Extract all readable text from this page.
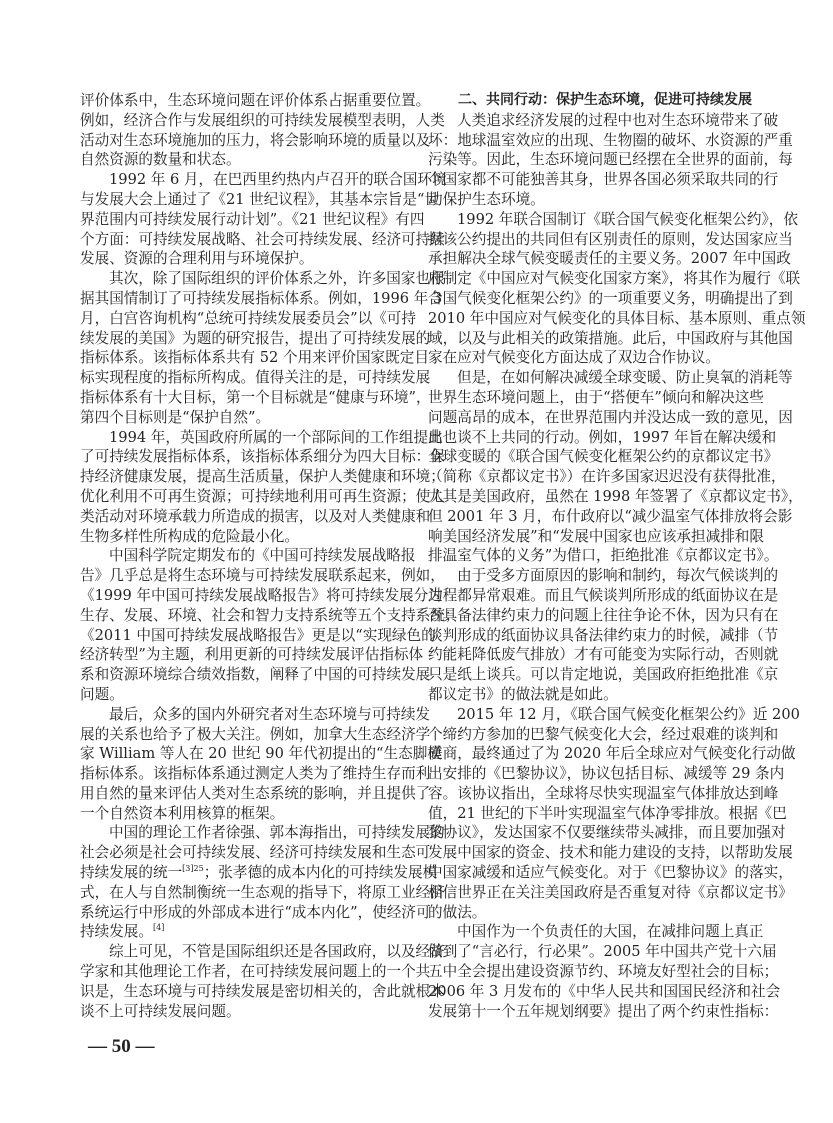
评价体系中，生态环境问题在评价体系占据重要位置。
例如，经济合作与发展组织的可持续发展模型表明，人类
活动对生态环境施加的压力，将会影响环境的质量以及
自然资源的数量和状态。
1992 年 6 月，在巴西里约热内卢召开的联合国环境
与发展大会上通过了《21 世纪议程》，其基本宗旨是“世
界范围内可持续发展行动计划”。《21 世纪议程》有四
个方面：可持续发展战略、社会可持续发展、经济可持续
发展、资源的合理利用与环境保护。
其次，除了国际组织的评价体系之外，许多国家也根
据其国情制订了可持续发展指标体系。例如，1996 年 3
月，白宫咨询机构“总统可持续发展委员会”以《可持
续发展的美国》为题的研究报告，提出了可持续发展的
指标体系。该指标体系共有 52 个用来评价国家既定目
标实现程度的指标所构成。值得关注的是，可持续发展
指标体系有十大目标，第一个目标就是“健康与环境”，
第四个目标则是“保护自然”。
1994 年，英国政府所属的一个部际间的工作组提出
了可持续发展指标体系，该指标体系细分为四大目标：保
持经济健康发展，提高生活质量，保护人类健康和环境；
优化利用不可再生资源；可持续地利用可再生资源；使人
类活动对环境承载力所造成的损害，以及对人类健康和
生物多样性所构成的危险最小化。
中国科学院定期发布的《中国可持续发展战略报
告》几乎总是将生态环境与可持续发展联系起来，例如，
《1999 年中国可持续发展战略报告》将可持续发展分为
生存、发展、环境、社会和智力支持系统等五个支持系统；
《2011 中国可持续发展战略报告》更是以“实现绿色的
经济转型”为主题，利用更新的可持续发展评估指标体
系和资源环境综合绩效指数，阐释了中国的可持续发展
问题。
最后，众多的国内外研究者对生态环境与可持续发
展的关系也给予了极大关注。例如，加拿大生态经济学
家 William 等人在 20 世纪 90 年代初提出的“生态脚模
指标体系。该指标体系通过测定人类为了维持生存而利
用自然的量来评估人类对生态系统的影响，并且提供了
一个自然资本利用核算的框架。
中国的理论工作者徐强、郭本海指出，可持续发展的
社会必须是社会可持续发展、经济可持续发展和生态可
持续发展的统一$^{[3]25}$；张孝德的成本内化的可持续发展模
式，在人与自然制衡统一生态观的指导下，将原工业经济
系统运行中形成的外部成本进行“成本内化”，使经济可
持续发展。[4]
综上可见，不管是国际组织还是各国政府，以及经济
学家和其他理论工作者，在可持续发展问题上的一个共
识是，生态环境与可持续发展是密切相关的，舍此就根本
谈不上可持续发展问题。
二、共同行动：保护生态环境，促进可持续发展
人类追求经济发展的过程中也对生态环境带来了破
坏：地球温室效应的出现、生物圈的破坏、水资源的严重
污染等。因此，生态环境问题已经摆在全世界的面前，每
个国家都不可能独善其身，世界各国必须采取共同的行
动保护生态环境。
1992 年联合国制订《联合国气候变化框架公约》，依
据该公约提出的共同但有区别责任的原则，发达国家应当
承担解决全球气候变暖责任的主要义务。2007 年中国政
府制定《中国应对气候变化国家方案》，将其作为履行《联
合国气候变化框架公约》的一项重要义务，明确提出了到
2010 年中国应对气候变化的具体目标、基本原则、重点领
域，以及与此相关的政策措施。此后，中国政府与其他国
家在应对气候变化方面达成了双边合作协议。
但是，在如何解决减缓全球变暖、防止臭氧的消耗等
世界生态环境问题上，由于“搭便车”倾向和解决这些
问题高昂的成本，在世界范围内并没达成一致的意见，因
此也谈不上共同的行动。例如，1997 年旨在解决缓和
全球变暖的《联合国气候变化框架公约的京都议定书》
（简称《京都议定书》）在许多国家迟迟没有获得批准，
尤其是美国政府，虽然在 1998 年签署了《京都议定书》，
但 2001 年 3 月，布什政府以“减少温室气体排放将会影
响美国经济发展”和“发展中国家也应该承担减排和限
排温室气体的义务”为借口，拒绝批准《京都议定书》。
由于受多方面原因的影响和制约，每次气候谈判的
过程都异常艰难。而且气候谈判所形成的纸面协议在是
否具备法律约束力的问题上往往争论不休，因为只有在
谈判形成的纸面协议具备法律约束力的时候，减排（节
约能耗降低废气排放）才有可能变为实际行动，否则就
只是纸上谈兵。可以肯定地说，美国政府拒绝批准《京
都议定书》的做法就是如此。
2015 年 12 月，《联合国气候变化框架公约》近 200
个缔约方参加的巴黎气候变化大会，经过艰难的谈判和
磋商，最终通过了为 2020 年后全球应对气候变化行动做
出安排的《巴黎协议》，协议包括目标、减缓等 29 条内
容。该协议指出，全球将尽快实现温室气体排放达到峰
值，21 世纪的下半叶实现温室气体净零排放。根据《巴
黎协议》，发达国家不仅要继续带头减排，而且要加强对
发展中国家的资金、技术和能力建设的支持，以帮助发展
中国家减缓和适应气候变化。对于《巴黎协议》的落实，
相信世界正在关注美国政府是否重复对待《京都议定书》
的做法。
中国作为一个负责任的大国，在减排问题上真正
做到了“言必行，行必果”。2005 年中国共产党十六届
五中全会提出建设资源节约、环境友好型社会的目标；
2006 年 3 月发布的《中华人民共和国国民经济和社会
发展第十一个五年规划纲要》提出了两个约束性指标：
— 50 —
